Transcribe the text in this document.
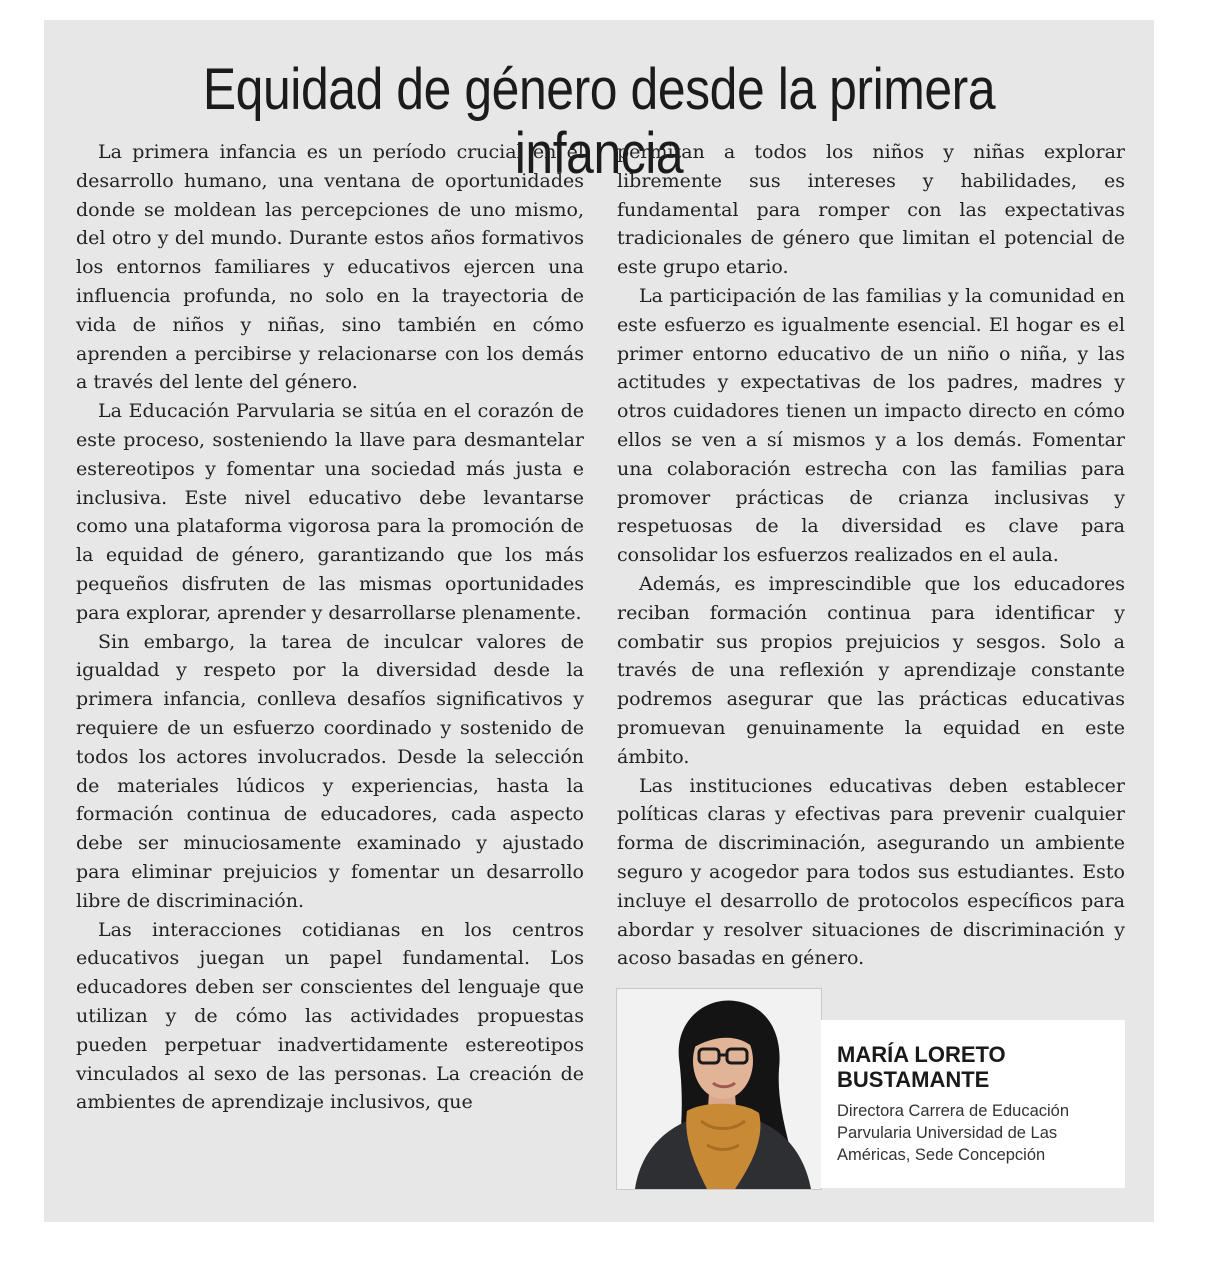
Equidad de género desde la primera infancia

La primera infancia es un período crucial en el desarrollo humano, una ventana de oportunidades donde se moldean las percepciones de uno mismo, del otro y del mundo. Durante estos años formativos los entornos familiares y educativos ejercen una influencia profunda, no solo en la trayectoria de vida de niños y niñas, sino también en cómo aprenden a percibirse y relacionarse con los demás a través del lente del género.

La Educación Parvularia se sitúa en el corazón de este proceso, sosteniendo la llave para desmantelar estereotipos y fomentar una sociedad más justa e inclusiva. Este nivel educativo debe levantarse como una plataforma vigorosa para la promoción de la equidad de género, garantizando que los más pequeños disfruten de las mismas oportunidades para explorar, aprender y desarrollarse plenamente.

Sin embargo, la tarea de inculcar valores de igualdad y respeto por la diversidad desde la primera infancia, conlleva desafíos significativos y requiere de un esfuerzo coordinado y sostenido de todos los actores involucrados. Desde la selección de materiales lúdicos y experiencias, hasta la formación continua de educadores, cada aspecto debe ser minuciosamente examinado y ajustado para eliminar prejuicios y fomentar un desarrollo libre de discriminación.

Las interacciones cotidianas en los centros educativos juegan un papel fundamental. Los educadores deben ser conscientes del lenguaje que utilizan y de cómo las actividades propuestas pueden perpetuar inadvertidamente estereotipos vinculados al sexo de las personas. La creación de ambientes de aprendizaje inclusivos, que

permitan a todos los niños y niñas explorar libremente sus intereses y habilidades, es fundamental para romper con las expectativas tradicionales de género que limitan el potencial de este grupo etario.

La participación de las familias y la comunidad en este esfuerzo es igualmente esencial. El hogar es el primer entorno educativo de un niño o niña, y las actitudes y expectativas de los padres, madres y otros cuidadores tienen un impacto directo en cómo ellos se ven a sí mismos y a los demás. Fomentar una colaboración estrecha con las familias para promover prácticas de crianza inclusivas y respetuosas de la diversidad es clave para consolidar los esfuerzos realizados en el aula.

Además, es imprescindible que los educadores reciban formación continua para identificar y combatir sus propios prejuicios y sesgos. Solo a través de una reflexión y aprendizaje constante podremos asegurar que las prácticas educativas promuevan genuinamente la equidad en este ámbito.

Las instituciones educativas deben establecer políticas claras y efectivas para prevenir cualquier forma de discriminación, asegurando un ambiente seguro y acogedor para todos sus estudiantes. Esto incluye el desarrollo de protocolos específicos para abordar y resolver situaciones de discriminación y acoso basadas en género.

MARÍA LORETO
BUSTAMANTE

Directora Carrera de Educación
Parvularia Universidad de Las
Américas, Sede Concepción
